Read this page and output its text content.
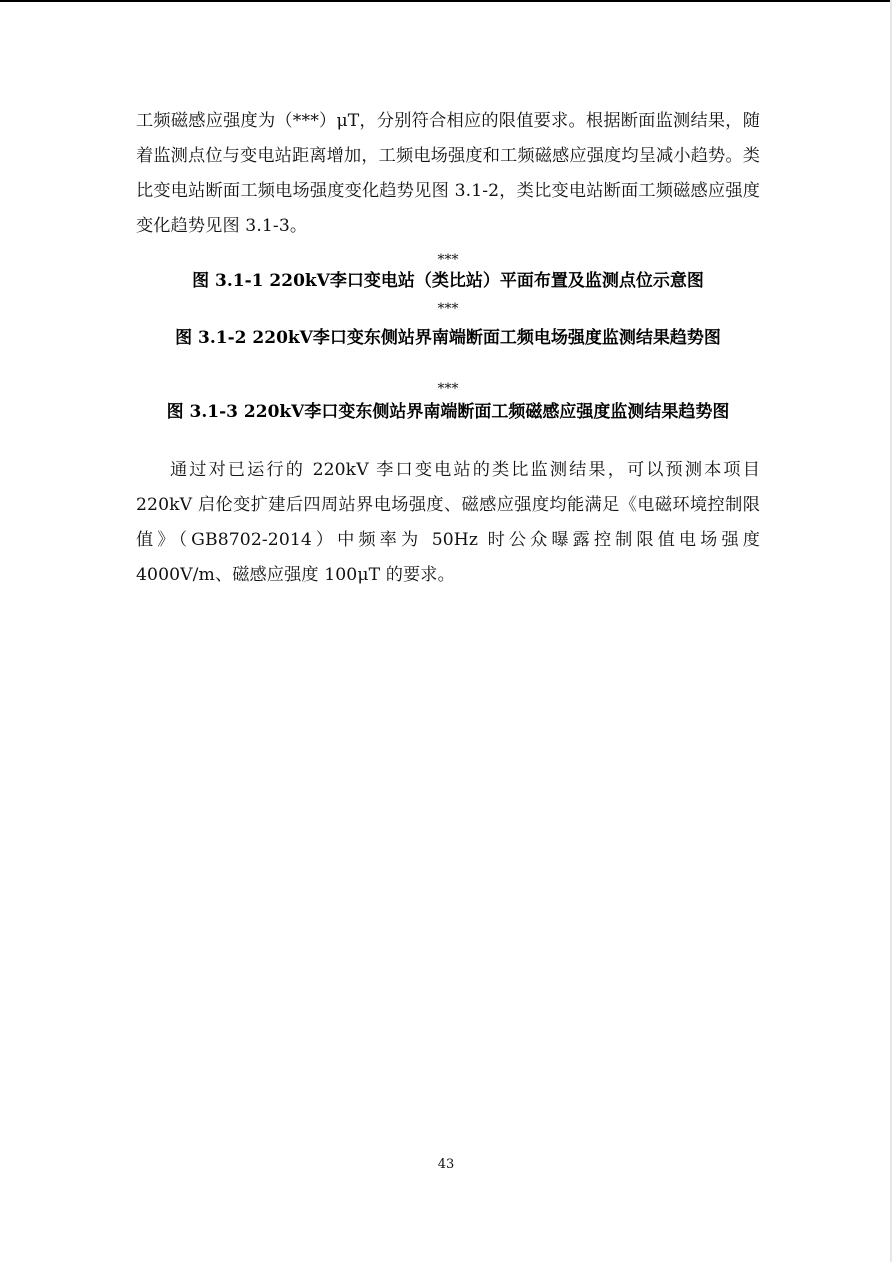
工频磁感应强度为（***）μT，分别符合相应的限值要求。根据断面监测结果，随着监测点位与变电站距离增加，工频电场强度和工频磁感应强度均呈减小趋势。类比变电站断面工频电场强度变化趋势见图 3.1-2，类比变电站断面工频磁感应强度变化趋势见图 3.1-3。

***

图 3.1-1 220kV李口变电站（类比站）平面布置及监测点位示意图

***

图 3.1-2 220kV李口变东侧站界南端断面工频电场强度监测结果趋势图

***

图 3.1-3 220kV李口变东侧站界南端断面工频磁感应强度监测结果趋势图

通过对已运行的 220kV 李口变电站的类比监测结果，可以预测本项目 220kV 启伦变扩建后四周站界电场强度、磁感应强度均能满足《电磁环境控制限值》（GB8702-2014）中频率为 50Hz 时公众曝露控制限值电场强度 4000V/m、磁感应强度 100μT 的要求。

43
